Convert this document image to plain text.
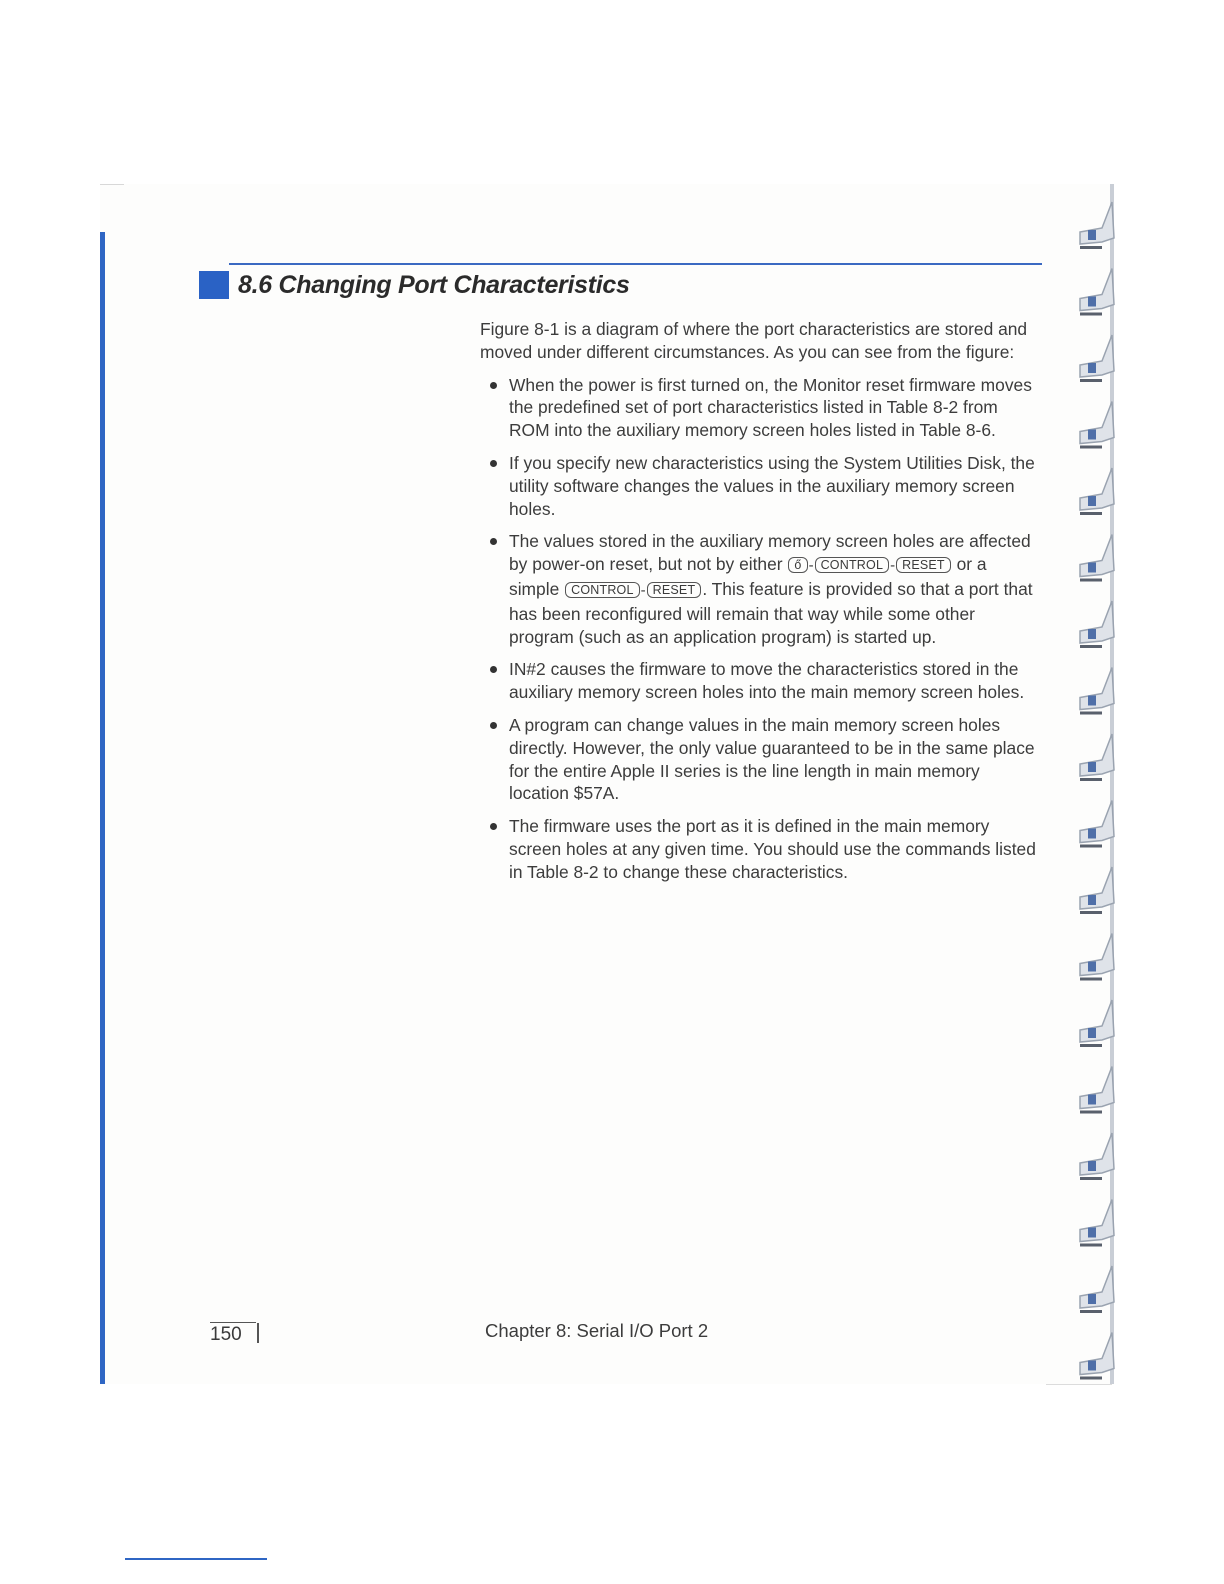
8.6 Changing Port Characteristics

Figure 8-1 is a diagram of where the port characteristics are stored and moved under different circumstances. As you can see from the figure:

When the power is first turned on, the Monitor reset firmware moves the predefined set of port characteristics listed in Table 8-2 from ROM into the auxiliary memory screen holes listed in Table 8-6.
If you specify new characteristics using the System Utilities Disk, the utility software changes the values in the auxiliary memory screen holes.
The values stored in the auxiliary memory screen holes are affected by power-on reset, but not by either ő - CONTROL - RESET or a simple CONTROL - RESET . This feature is provided so that a port that has been reconfigured will remain that way while some other program (such as an application program) is started up.
IN#2 causes the firmware to move the characteristics stored in the auxiliary memory screen holes into the main memory screen holes.
A program can change values in the main memory screen holes directly. However, the only value guaranteed to be in the same place for the entire Apple II series is the line length in main memory location $57A.
The firmware uses the port as it is defined in the main memory screen holes at any given time. You should use the commands listed in Table 8-2 to change these characteristics.
150	Chapter 8: Serial I/O Port 2
